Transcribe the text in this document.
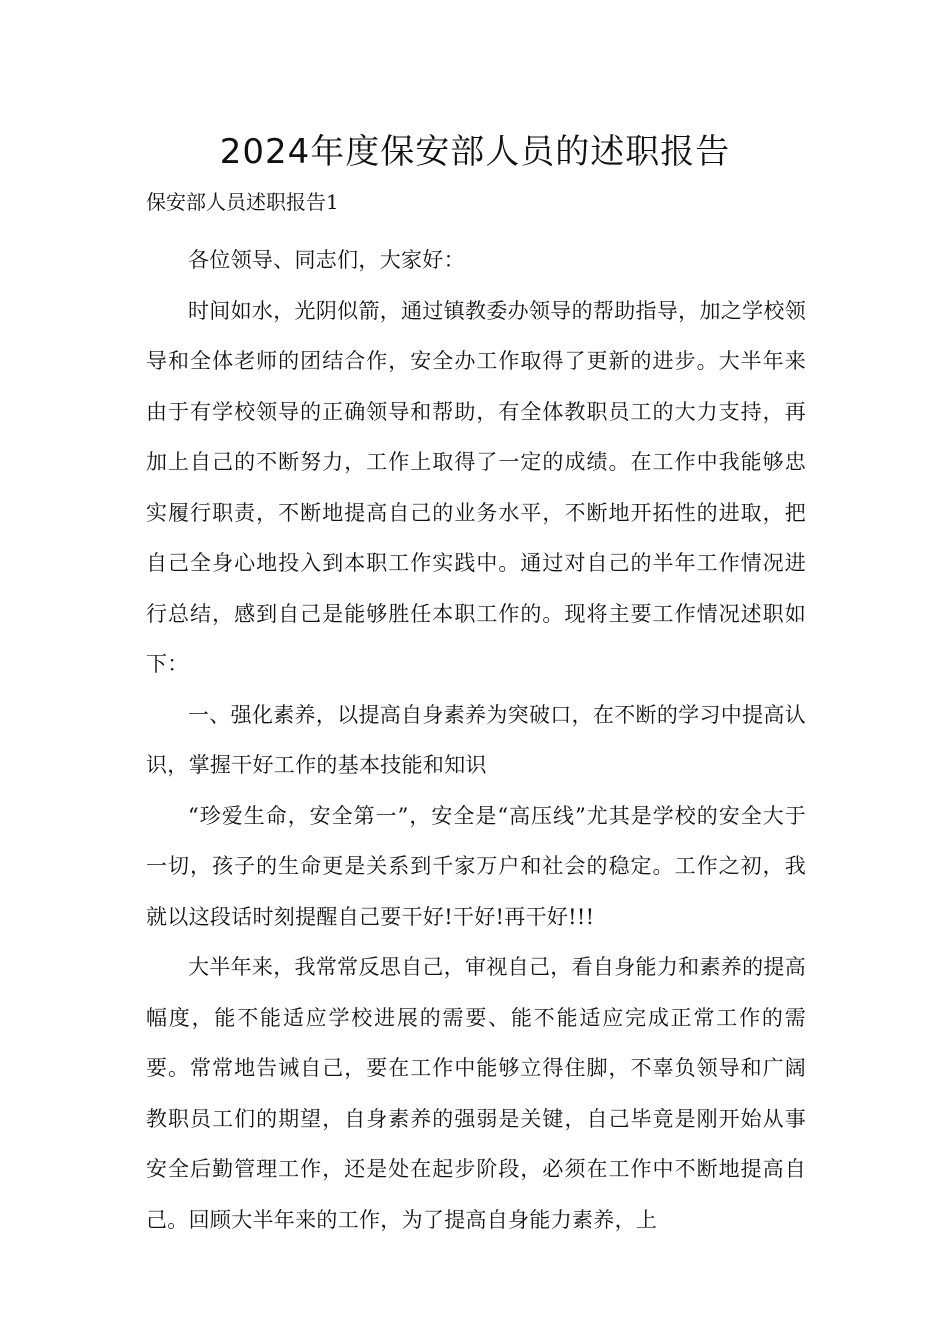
2024年度保安部人员的述职报告

保安部人员述职报告1

各位领导、同志们，大家好：

时间如水，光阴似箭，通过镇教委办领导的帮助指导，加之学校领导和全体老师的团结合作，安全办工作取得了更新的进步。大半年来由于有学校领导的正确领导和帮助，有全体教职员工的大力支持，再加上自己的不断努力，工作上取得了一定的成绩。在工作中我能够忠实履行职责，不断地提高自己的业务水平，不断地开拓性的进取，把自己全身心地投入到本职工作实践中。通过对自己的半年工作情况进行总结，感到自己是能够胜任本职工作的。现将主要工作情况述职如下：

一、强化素养，以提高自身素养为突破口，在不断的学习中提高认识，掌握干好工作的基本技能和知识

“珍爱生命，安全第一”，安全是“高压线”尤其是学校的安全大于一切，孩子的生命更是关系到千家万户和社会的稳定。工作之初，我就以这段话时刻提醒自己要干好!干好!再干好!!!

大半年来，我常常反思自己，审视自己，看自身能力和素养的提高幅度，能不能适应学校进展的需要、能不能适应完成正常工作的需要。常常地告诫自己，要在工作中能够立得住脚，不辜负领导和广阔教职员工们的期望，自身素养的强弱是关键，自己毕竟是刚开始从事安全后勤管理工作，还是处在起步阶段，必须在工作中不断地提高自己。回顾大半年来的工作，为了提高自身能力素养，上
